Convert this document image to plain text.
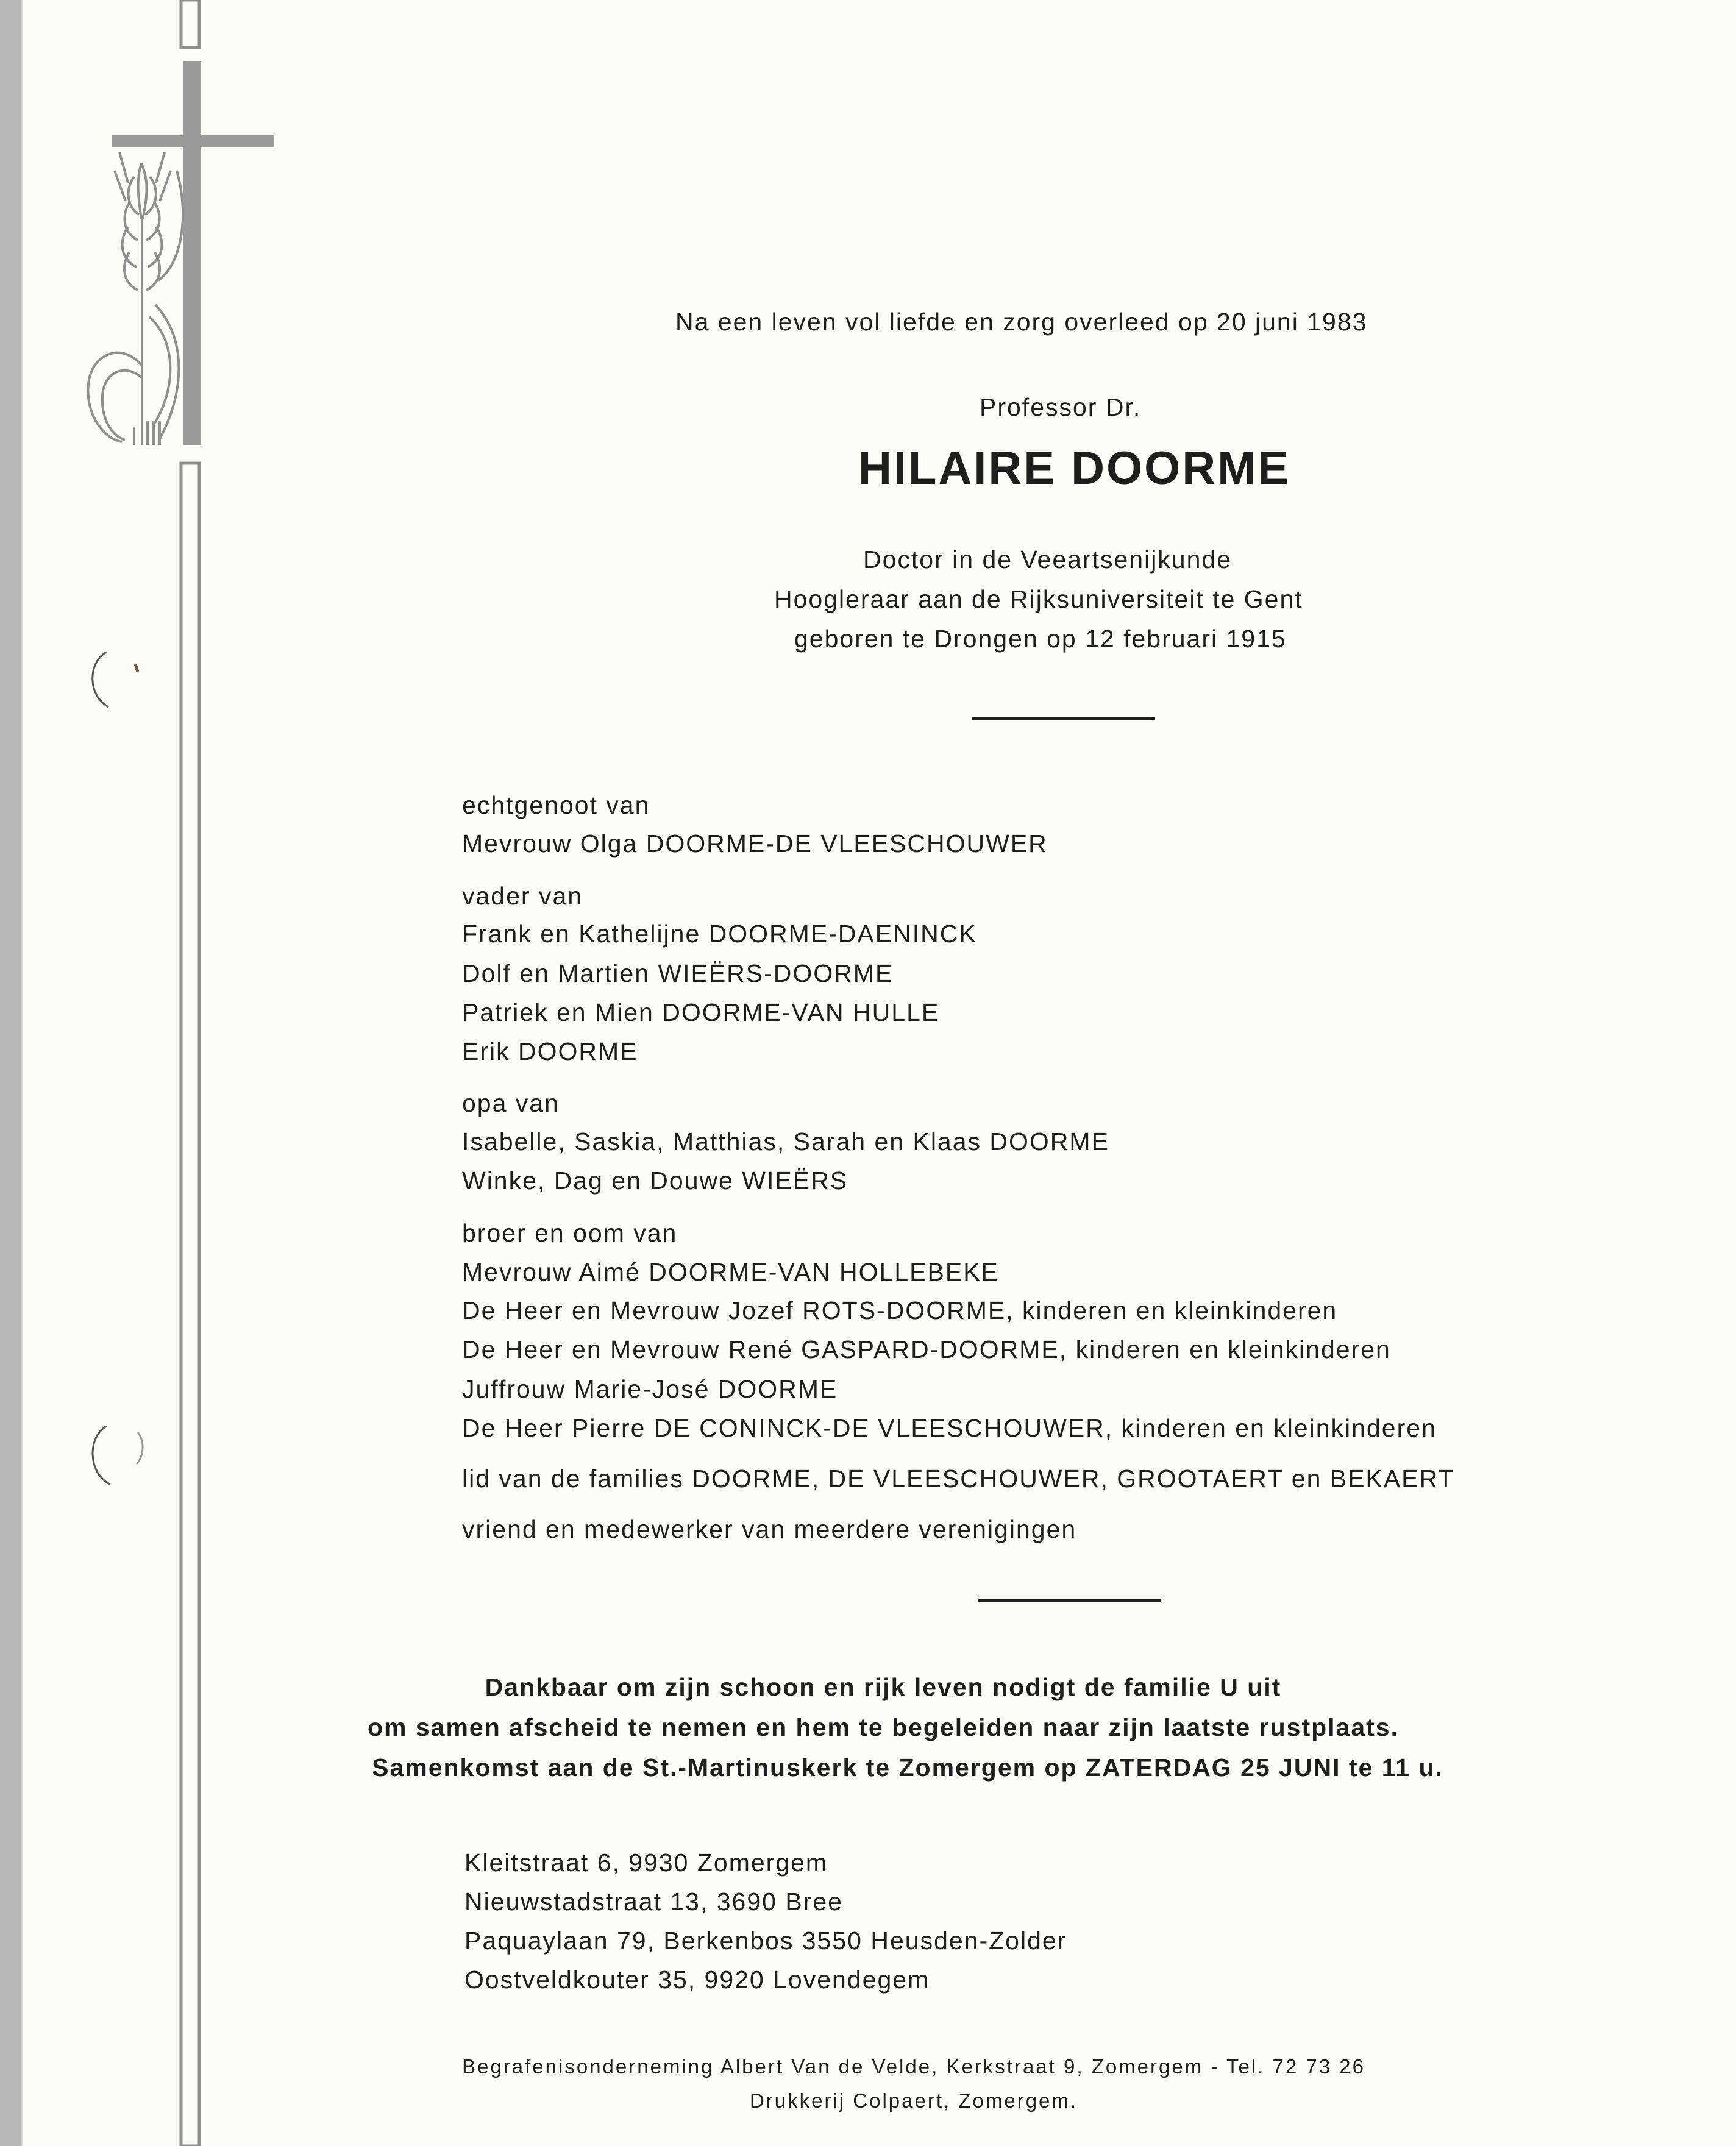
Na een leven vol liefde en zorg overleed op 20 juni 1983
Professor Dr.
HILAIRE DOORME
Doctor in de Veeartsenijkunde
Hoogleraar aan de Rijksuniversiteit te Gent
geboren te Drongen op 12 februari 1915
echtgenoot van
Mevrouw Olga DOORME-DE VLEESCHOUWER
vader van
Frank en Kathelijne DOORME-DAENINCK
Dolf en Martien WIEËRS-DOORME
Patriek en Mien DOORME-VAN HULLE
Erik DOORME
opa van
Isabelle, Saskia, Matthias, Sarah en Klaas DOORME
Winke, Dag en Douwe WIEËRS
broer en oom van
Mevrouw Aimé DOORME-VAN HOLLEBEKE
De Heer en Mevrouw Jozef ROTS-DOORME, kinderen en kleinkinderen
De Heer en Mevrouw René GASPARD-DOORME, kinderen en kleinkinderen
Juffrouw Marie-José DOORME
De Heer Pierre DE CONINCK-DE VLEESCHOUWER, kinderen en kleinkinderen
lid van de families DOORME, DE VLEESCHOUWER, GROOTAERT en BEKAERT
vriend en medewerker van meerdere verenigingen
Dankbaar om zijn schoon en rijk leven nodigt de familie U uit
om samen afscheid te nemen en hem te begeleiden naar zijn laatste rustplaats.
Samenkomst aan de St.-Martinuskerk te Zomergem op ZATERDAG 25 JUNI te 11 u.
Kleitstraat 6, 9930 Zomergem
Nieuwstadstraat 13, 3690 Bree
Paquaylaan 79, Berkenbos 3550 Heusden-Zolder
Oostveldkouter 35, 9920 Lovendegem
Begrafenisonderneming Albert Van de Velde, Kerkstraat 9, Zomergem - Tel. 72 73 26
Drukkerij Colpaert, Zomergem.
